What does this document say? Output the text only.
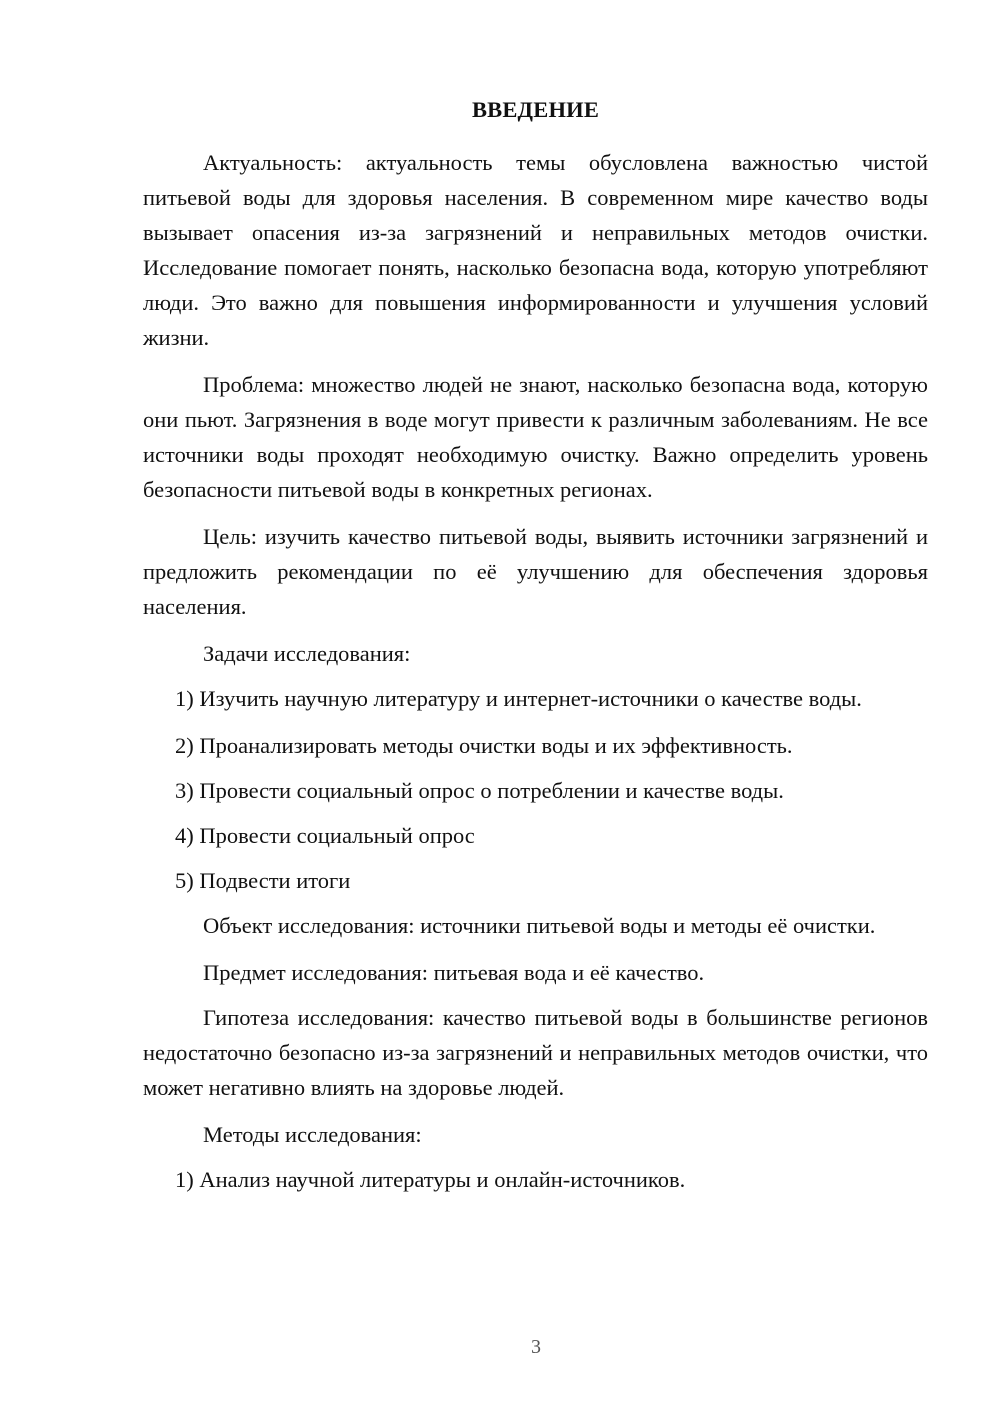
ВВЕДЕНИЕ
Актуальность: актуальность темы обусловлена важностью чистой питьевой воды для здоровья населения. В современном мире качество воды вызывает опасения из-за загрязнений и неправильных методов очистки. Исследование помогает понять, насколько безопасна вода, которую употребляют люди. Это важно для повышения информированности и улучшения условий жизни.
Проблема: множество людей не знают, насколько безопасна вода, которую они пьют. Загрязнения в воде могут привести к различным заболеваниям. Не все источники воды проходят необходимую очистку. Важно определить уровень безопасности питьевой воды в конкретных регионах.
Цель: изучить качество питьевой воды, выявить источники загрязнений и предложить рекомендации по её улучшению для обеспечения здоровья населения.
Задачи исследования:
1) Изучить научную литературу и интернет-источники о качестве воды.
2) Проанализировать методы очистки воды и их эффективность.
3) Провести социальный опрос о потреблении и качестве воды.
4) Провести социальный опрос
5) Подвести итоги
Объект исследования: источники питьевой воды и методы её очистки.
Предмет исследования: питьевая вода и её качество.
Гипотеза исследования: качество питьевой воды в большинстве регионов недостаточно безопасно из-за загрязнений и неправильных методов очистки, что может негативно влиять на здоровье людей.
Методы исследования:
1) Анализ научной литературы и онлайн-источников.
3
